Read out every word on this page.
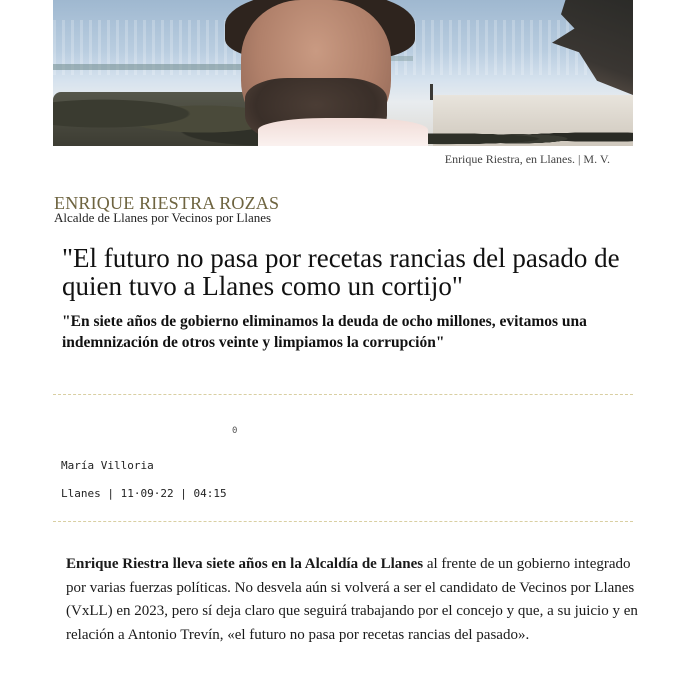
Enrique Riestra, en Llanes. | M. V.
ENRIQUE RIESTRA ROZAS
Alcalde de Llanes por Vecinos por Llanes
"El futuro no pasa por recetas rancias del pasado de quien tuvo a Llanes como un cortijo"
"En siete años de gobierno eliminamos la deuda de ocho millones, evitamos una indemnización de otros veinte y limpiamos la corrupción"
0
María Villoria
Llanes | 11·09·22 | 04:15

Enrique Riestra lleva siete años en la Alcaldía de Llanes al frente de un gobierno integrado por varias fuerzas políticas. No desvela aún si volverá a ser el candidato de Vecinos por Llanes (VxLL) en 2023, pero sí deja claro que seguirá trabajando por el concejo y que, a su juicio y en relación a Antonio Trevín, «el futuro no pasa por recetas rancias del pasado».
